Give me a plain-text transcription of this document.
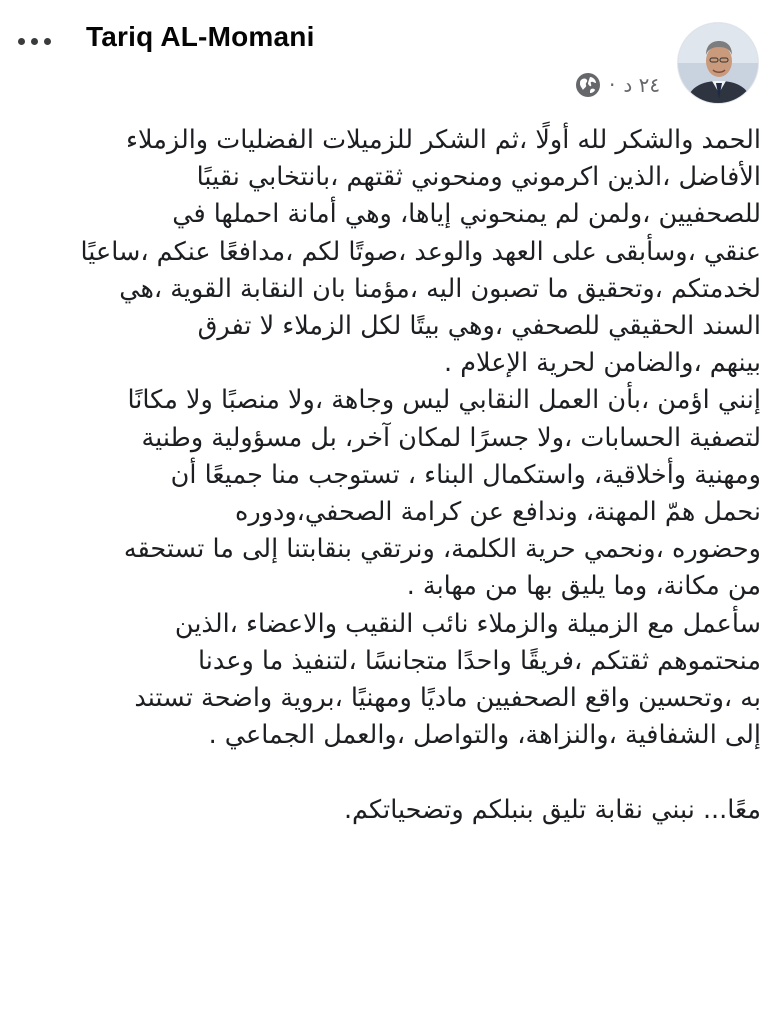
Tariq AL-Momani
· ٢٤ د

الحمد والشكر لله أولًا ،ثم الشكر للزميلات الفضليات والزملاء

الأفاضل ،الذين اكرموني ومنحوني ثقتهم ،بانتخابي نقيبًا

للصحفيين ،ولمن لم يمنحوني إياها، وهي أمانة احملها في

عنقي ،وسأبقى على العهد والوعد ،صوتًا لكم ،مدافعًا عنكم ،ساعيًا

لخدمتكم ،وتحقيق ما تصبون اليه ،مؤمنا بان النقابة القوية ،هي

السند الحقيقي للصحفي ،وهي بيتًا لكل الزملاء لا تفرق

بينهم ،والضامن لحرية الإعلام .

إنني اؤمن ،بأن العمل النقابي ليس وجاهة ،ولا منصبًا ولا مكانًا

لتصفية الحسابات ،ولا جسرًا لمكان آخر، بل مسؤولية وطنية

ومهنية وأخلاقية، واستكمال البناء ، تستوجب منا جميعًا أن

نحمل همّ المهنة، وندافع عن كرامة الصحفي،ودوره

وحضوره ،ونحمي حرية الكلمة، ونرتقي بنقابتنا إلى ما تستحقه

من مكانة، وما يليق بها من مهابة .

سأعمل مع الزميلة والزملاء نائب النقيب والاعضاء ،الذين

منحتموهم ثقتكم ،فريقًا واحدًا متجانسًا ،لتنفيذ ما وعدنا

به ،وتحسين واقع الصحفيين ماديًا ومهنيًا ،بروية واضحة تستند

إلى الشفافية ،والنزاهة، والتواصل ،والعمل الجماعي .

معًا... نبني نقابة تليق بنبلكم وتضحياتكم.
